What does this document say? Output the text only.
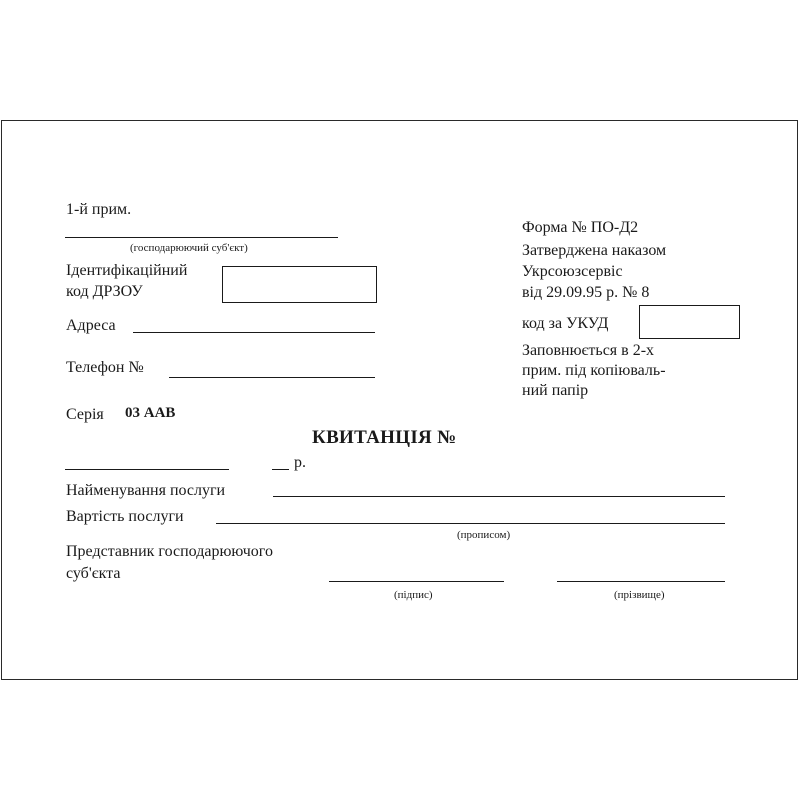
1-й прим.
(господарюючий суб'єкт)
Ідентифікаційний
код ДРЗОУ
Адреса
Телефон №
Серія 03 ААВ
КВИТАНЦІЯ №
р.
Найменування послуги
Вартість послуги
(прописом)
Представник господарюючого
суб'єкта
(підпис)	(прізвище)
Форма № ПО-Д2
Затверджена наказом
Укрсоюзсервіс
від 29.09.95 р. № 8
код за УКУД
Заповнюється в 2-х
прим. під копіюваль-
ний папір
